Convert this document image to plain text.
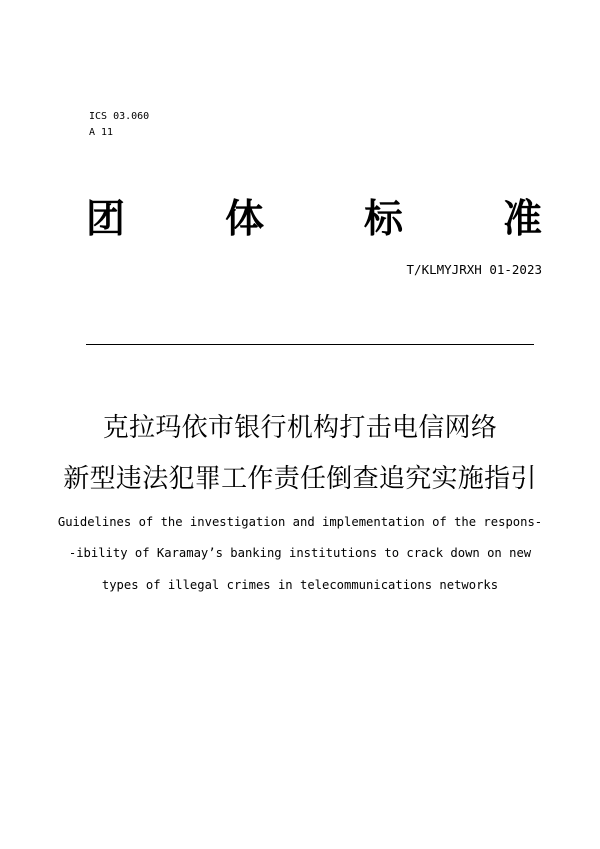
ICS 03.060
A 11
团	体	标	准
T/KLMYJRXH 01-2023
克拉玛依市银行机构打击电信网络
新型违法犯罪工作责任倒查追究实施指引
Guidelines of the investigation and implementation of the respons-
-ibility of Karamay’s banking institutions to crack down on new
types of illegal crimes in telecommunications networks
